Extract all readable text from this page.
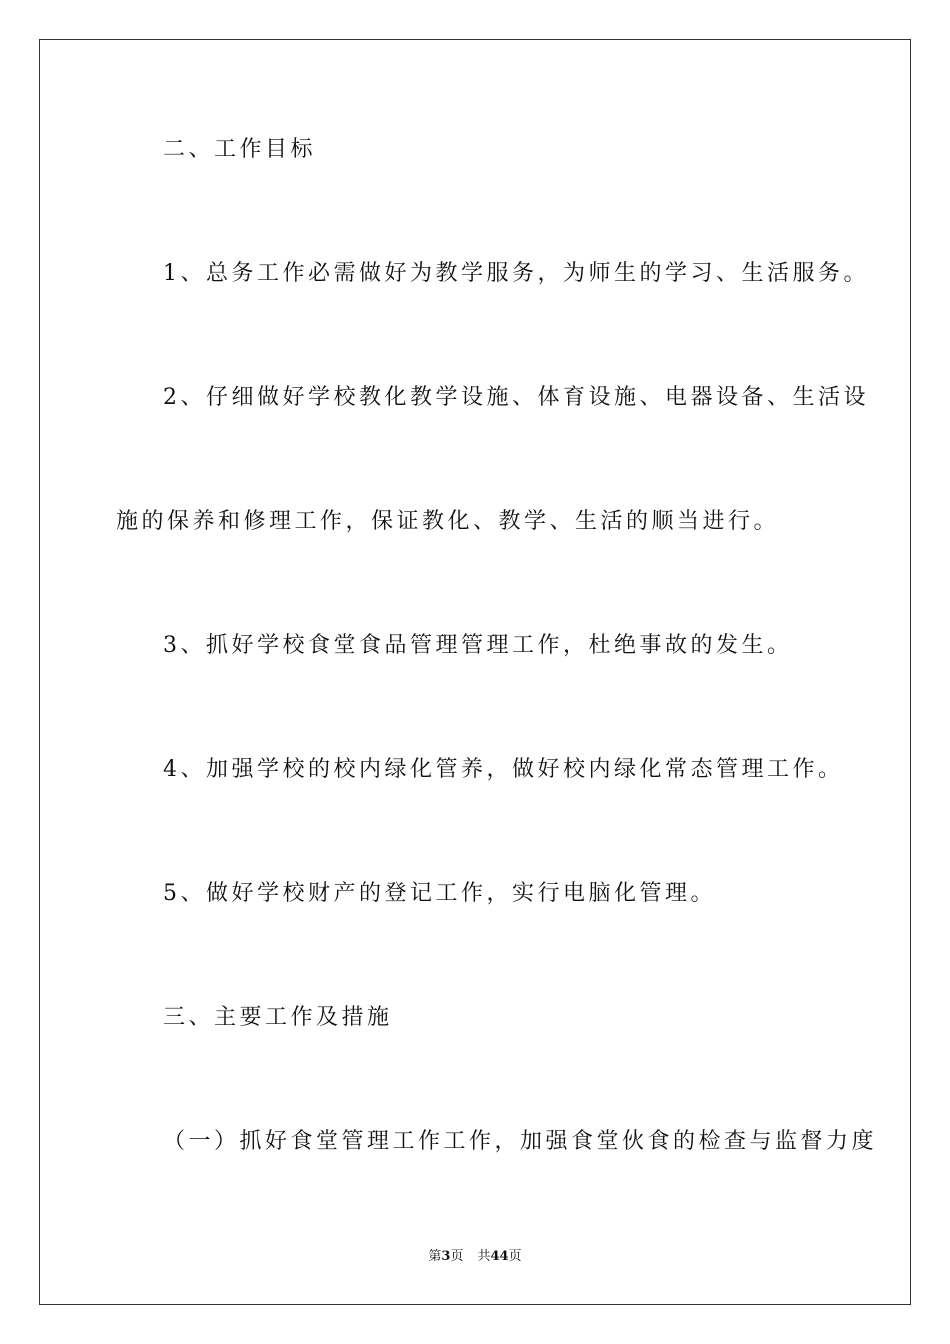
二、工作目标
1、总务工作必需做好为教学服务，为师生的学习、生活服务。
2、仔细做好学校教化教学设施、体育设施、电器设备、生活设
施的保养和修理工作，保证教化、教学、生活的顺当进行。
3、抓好学校食堂食品管理管理工作，杜绝事故的发生。
4、加强学校的校内绿化管养，做好校内绿化常态管理工作。
5、做好学校财产的登记工作，实行电脑化管理。
三、主要工作及措施
（一）抓好食堂管理工作工作，加强食堂伙食的检查与监督力度
第3页 共44页
